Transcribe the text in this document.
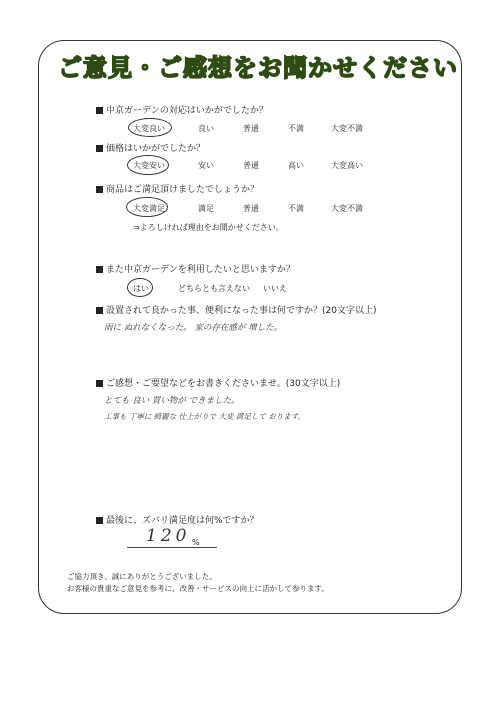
ご意見・ご感想をお聞かせください
中京ガーデンの対応はいかがでしたか？
大変良い	良い	普通	不満	大変不満
価格はいかがでしたか？
大変安い	安い	普通	高い	大変高い
商品はご満足頂けましたでしょうか？
大変満足	満足	普通	不満	大変不満
⇒よろしければ理由をお聞かせください。
また中京ガーデンを利用したいと思いますか？
はい	どちらとも言えない いいえ
設置されて良かった事、便利になった事は何ですか？(20文字以上)
雨に ぬれなくなった。 家の存在感が 増した。
ご感想・ご要望などをお書きくださいませ。(30文字以上)
とても 良い 買い物が できました。
工事も 丁寧に 綺麗な 仕上がりで 大変 満足して おります。
最後に、ズバリ満足度は何%ですか？
120 %
ご協力頂き、誠にありがとうございました。
お客様の貴重なご意見を参考に、改善・サービスの向上に活かして参ります。
